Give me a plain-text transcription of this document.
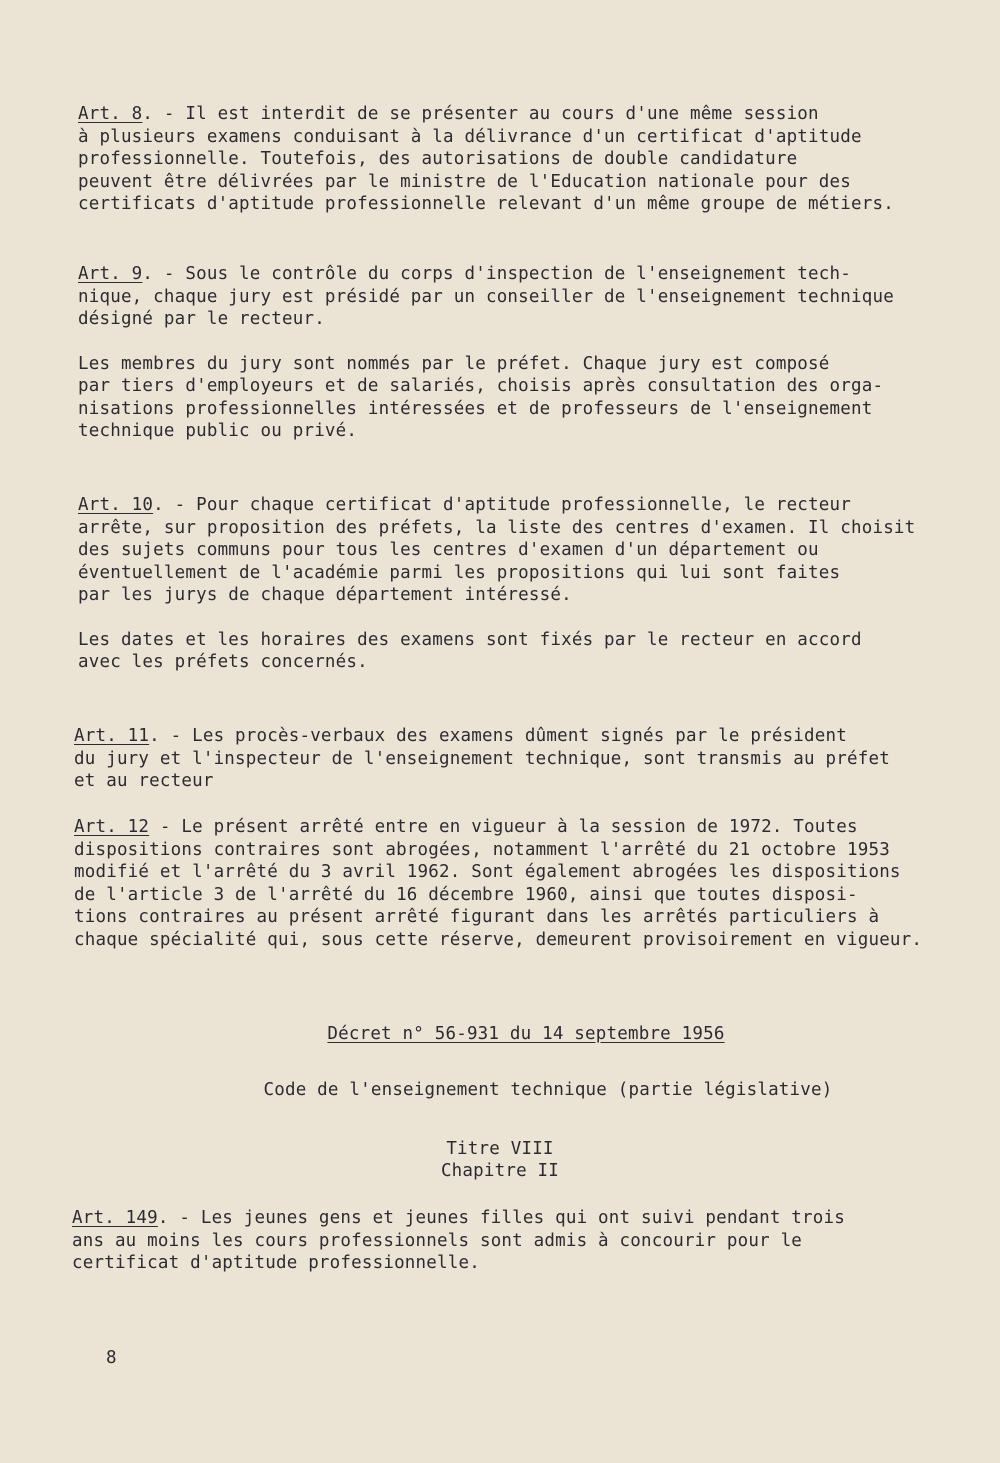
Art. 8. - Il est interdit de se présenter au cours d'une même session
à plusieurs examens conduisant à la délivrance d'un certificat d'aptitude
professionnelle. Toutefois, des autorisations de double candidature
peuvent être délivrées par le ministre de l'Education nationale pour des
certificats d'aptitude professionnelle relevant d'un même groupe de métiers.

Art. 9. - Sous le contrôle du corps d'inspection de l'enseignement tech-
nique, chaque jury est présidé par un conseiller de l'enseignement technique
désigné par le recteur.

Les membres du jury sont nommés par le préfet. Chaque jury est composé
par tiers d'employeurs et de salariés, choisis après consultation des orga-
nisations professionnelles intéressées et de professeurs de l'enseignement
technique public ou privé.

Art. 10. - Pour chaque certificat d'aptitude professionnelle, le recteur
arrête, sur proposition des préfets, la liste des centres d'examen. Il choisit
des sujets communs pour tous les centres d'examen d'un département ou
éventuellement de l'académie parmi les propositions qui lui sont faites
par les jurys de chaque département intéressé.

Les dates et les horaires des examens sont fixés par le recteur en accord
avec les préfets concernés.

Art. 11. - Les procès-verbaux des examens dûment signés par le président
du jury et l'inspecteur de l'enseignement technique, sont transmis au préfet
et au recteur

Art. 12 - Le présent arrêté entre en vigueur à la session de 1972. Toutes
dispositions contraires sont abrogées, notamment l'arrêté du 21 octobre 1953
modifié et l'arrêté du 3 avril 1962. Sont également abrogées les dispositions
de l'article 3 de l'arrêté du 16 décembre 1960, ainsi que toutes disposi-
tions contraires au présent arrêté figurant dans les arrêtés particuliers à
chaque spécialité qui, sous cette réserve, demeurent provisoirement en vigueur.

Décret n° 56-931 du 14 septembre 1956

Code de l'enseignement technique (partie législative)

Titre VIII

Chapitre II

Art. 149. - Les jeunes gens et jeunes filles qui ont suivi pendant trois
ans au moins les cours professionnels sont admis à concourir pour le
certificat d'aptitude professionnelle.

8
